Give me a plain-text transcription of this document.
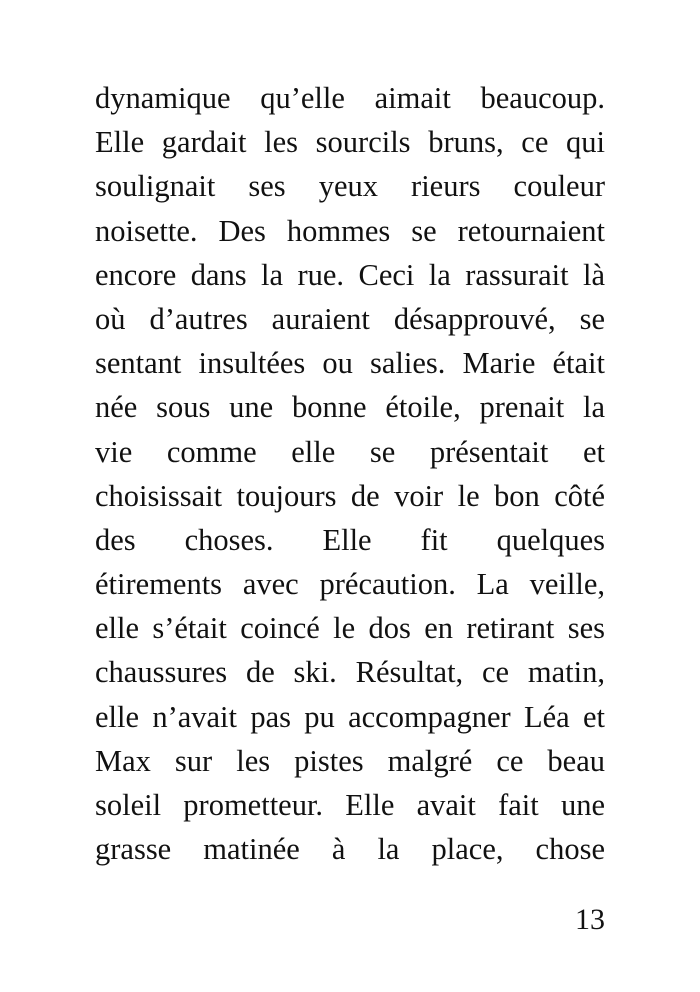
dynamique qu’elle aimait beaucoup.
Elle gardait les sourcils bruns, ce qui
soulignait ses yeux rieurs couleur
noisette. Des hommes se retournaient
encore dans la rue. Ceci la rassurait là
où d’autres auraient désapprouvé, se
sentant insultées ou salies. Marie était
née sous une bonne étoile, prenait la
vie comme elle se présentait et
choisissait toujours de voir le bon côté
des choses. Elle fit quelques
étirements avec précaution. La veille,
elle s’était coincé le dos en retirant ses
chaussures de ski. Résultat, ce matin,
elle n’avait pas pu accompagner Léa et
Max sur les pistes malgré ce beau
soleil prometteur. Elle avait fait une
grasse matinée à la place, chose
13
